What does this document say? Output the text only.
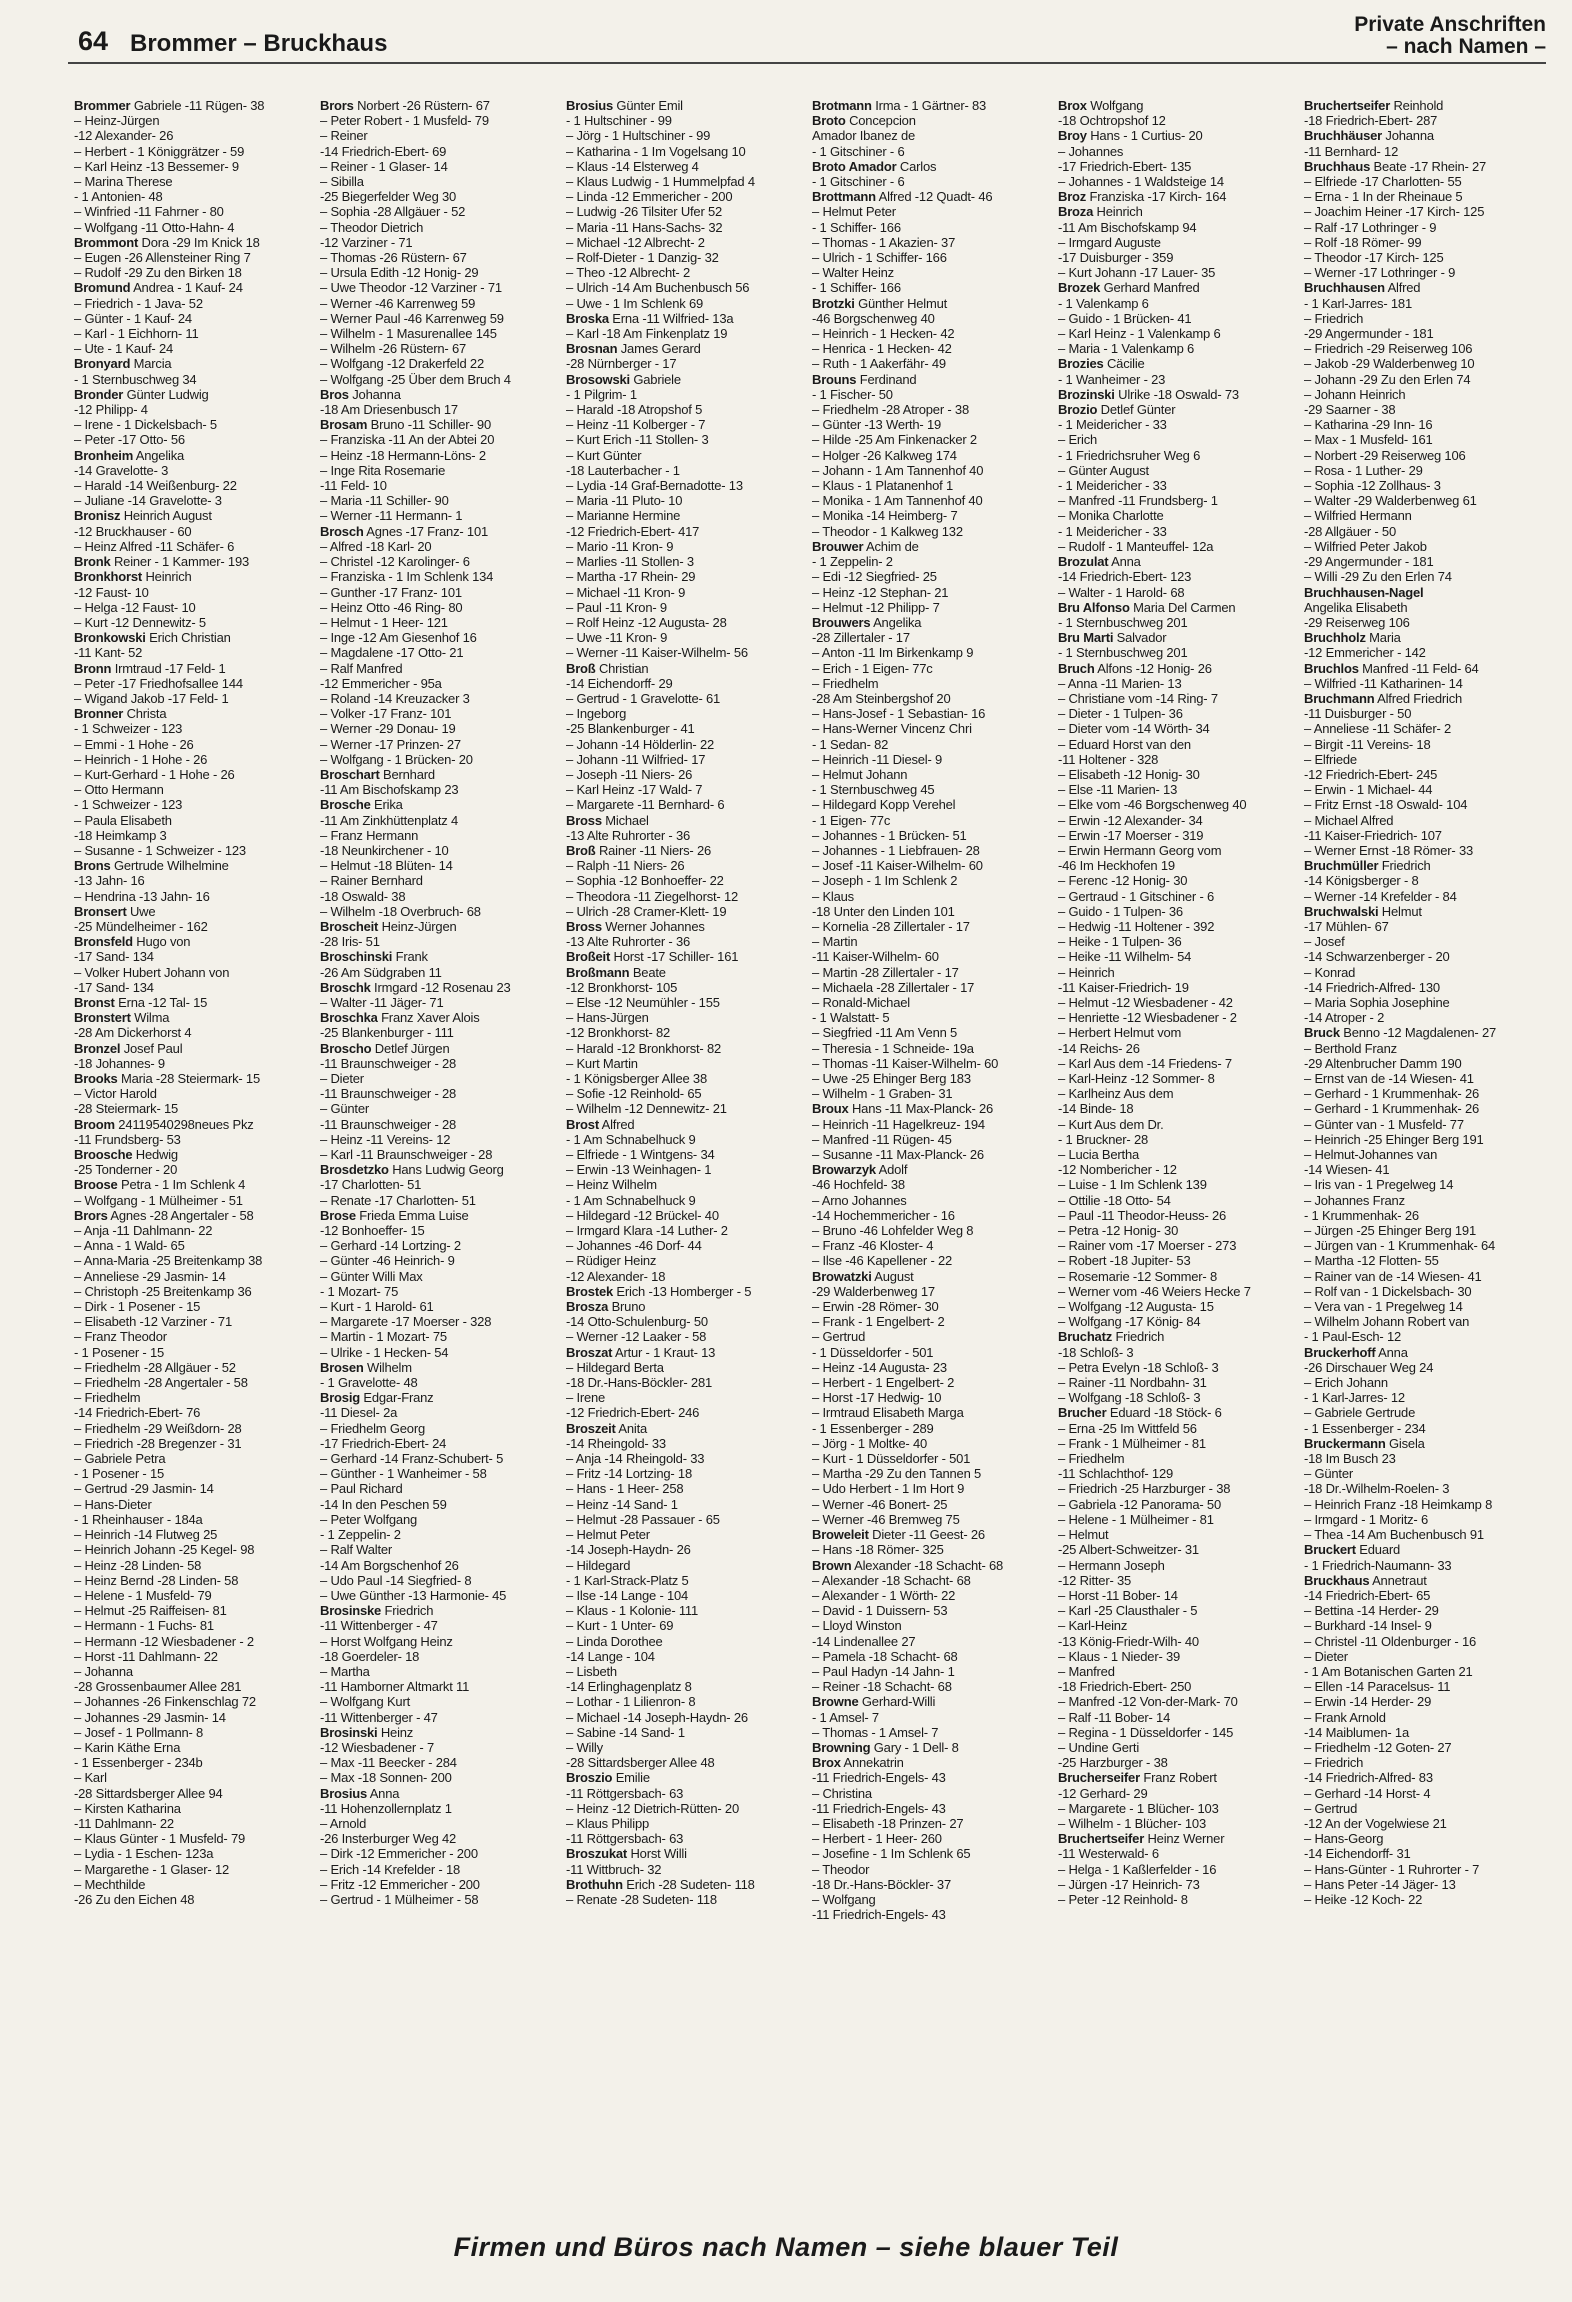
64 Brommer – Bruckhaus
Private Anschriften
– nach Namen –
Brommer Gabriele -11 Rügen- 38
– Heinz-Jürgen
-12 Alexander- 26
– Herbert - 1 Königgrätzer - 59
– Karl Heinz -13 Bessemer- 9
– Marina Therese
- 1 Antonien- 48
– Winfried -11 Fahrner - 80
– Wolfgang -11 Otto-Hahn- 4
Brommont Dora -29 Im Knick 18
– Eugen -26 Allensteiner Ring 7
– Rudolf -29 Zu den Birken 18
Bromund Andrea - 1 Kauf- 24
– Friedrich - 1 Java- 52
– Günter - 1 Kauf- 24
– Karl - 1 Eichhorn- 11
– Ute - 1 Kauf- 24
Bronyard Marcia
- 1 Sternbuschweg 34
Bronder Günter Ludwig
-12 Philipp- 4
– Irene - 1 Dickelsbach- 5
– Peter -17 Otto- 56
Bronheim Angelika
-14 Gravelotte- 3
– Harald -14 Weißenburg- 22
– Juliane -14 Gravelotte- 3
Bronisz Heinrich August
-12 Bruckhauser - 60
– Heinz Alfred -11 Schäfer- 6
Bronk Reiner - 1 Kammer- 193
Bronkhorst Heinrich
-12 Faust- 10
– Helga -12 Faust- 10
– Kurt -12 Dennewitz- 5
Bronkowski Erich Christian
-11 Kant- 52
Bronn Irmtraud -17 Feld- 1
– Peter -17 Friedhofsallee 144
– Wigand Jakob -17 Feld- 1
Bronner Christa
- 1 Schweizer - 123
– Emmi - 1 Hohe - 26
– Heinrich - 1 Hohe - 26
– Kurt-Gerhard - 1 Hohe - 26
– Otto Hermann
- 1 Schweizer - 123
– Paula Elisabeth
-18 Heimkamp 3
– Susanne - 1 Schweizer - 123
Brons Gertrude Wilhelmine
-13 Jahn- 16
– Hendrina -13 Jahn- 16
Bronsert Uwe
-25 Mündelheimer - 162
Bronsfeld Hugo von
-17 Sand- 134
– Volker Hubert Johann von
-17 Sand- 134
Bronst Erna -12 Tal- 15
Bronstert Wilma
-28 Am Dickerhorst 4
Bronzel Josef Paul
-18 Johannes- 9
Brooks Maria -28 Steiermark- 15
– Victor Harold
-28 Steiermark- 15
Broom 24119540298neues Pkz
-11 Frundsberg- 53
Broosche Hedwig
-25 Tonderner - 20
Broose Petra - 1 Im Schlenk 4
– Wolfgang - 1 Mülheimer - 51
Brors Agnes -28 Angertaler - 58
– Anja -11 Dahlmann- 22
– Anna - 1 Wald- 65
– Anna-Maria -25 Breitenkamp 38
– Anneliese -29 Jasmin- 14
– Christoph -25 Breitenkamp 36
– Dirk - 1 Posener - 15
– Elisabeth -12 Varziner - 71
– Franz Theodor
- 1 Posener - 15
– Friedhelm -28 Allgäuer - 52
– Friedhelm -28 Angertaler - 58
– Friedhelm
-14 Friedrich-Ebert- 76
– Friedhelm -29 Weißdorn- 28
– Friedrich -28 Bregenzer - 31
– Gabriele Petra
- 1 Posener - 15
– Gertrud -29 Jasmin- 14
– Hans-Dieter
- 1 Rheinhauser - 184a
– Heinrich -14 Flutweg 25
– Heinrich Johann -25 Kegel- 98
– Heinz -28 Linden- 58
– Heinz Bernd -28 Linden- 58
– Helene - 1 Musfeld- 79
– Helmut -25 Raiffeisen- 81
– Hermann - 1 Fuchs- 81
– Hermann -12 Wiesbadener - 2
– Horst -11 Dahlmann- 22
– Johanna
-28 Grossenbaumer Allee 281
– Johannes -26 Finkenschlag 72
– Johannes -29 Jasmin- 14
– Josef - 1 Pollmann- 8
– Karin Käthe Erna
- 1 Essenberger - 234b
– Karl
-28 Sittardsberger Allee 94
– Kirsten Katharina
-11 Dahlmann- 22
– Klaus Günter - 1 Musfeld- 79
– Lydia - 1 Eschen- 123a
– Margarethe - 1 Glaser- 12
– Mechthilde
-26 Zu den Eichen 48
Brors Norbert -26 Rüstern- 67
– Peter Robert - 1 Musfeld- 79
– Reiner
-14 Friedrich-Ebert- 69
– Reiner - 1 Glaser- 14
– Sibilla
-25 Biegerfelder Weg 30
– Sophia -28 Allgäuer - 52
– Theodor Dietrich
-12 Varziner - 71
– Thomas -26 Rüstern- 67
– Ursula Edith -12 Honig- 29
– Uwe Theodor -12 Varziner - 71
– Werner -46 Karrenweg 59
– Werner Paul -46 Karrenweg 59
– Wilhelm - 1 Masurenallee 145
– Wilhelm -26 Rüstern- 67
– Wolfgang -12 Drakerfeld 22
– Wolfgang -25 Über dem Bruch 4
Bros Johanna
-18 Am Driesenbusch 17
Brosam Bruno -11 Schiller- 90
– Franziska -11 An der Abtei 20
– Heinz -18 Hermann-Löns- 2
– Inge Rita Rosemarie
-11 Feld- 10
– Maria -11 Schiller- 90
– Werner -11 Hermann- 1
Brosch Agnes -17 Franz- 101
– Alfred -18 Karl- 20
– Christel -12 Karolinger- 6
– Franziska - 1 Im Schlenk 134
– Gunther -17 Franz- 101
– Heinz Otto -46 Ring- 80
– Helmut - 1 Heer- 121
– Inge -12 Am Giesenhof 16
– Magdalene -17 Otto- 21
– Ralf Manfred
-12 Emmericher - 95a
– Roland -14 Kreuzacker 3
– Volker -17 Franz- 101
– Werner -29 Donau- 19
– Werner -17 Prinzen- 27
– Wolfgang - 1 Brücken- 20
Broschart Bernhard
-11 Am Bischofskamp 23
Brosche Erika
-11 Am Zinkhüttenplatz 4
– Franz Hermann
-18 Neunkirchener - 10
– Helmut -18 Blüten- 14
– Rainer Bernhard
-18 Oswald- 38
– Wilhelm -18 Overbruch- 68
Broscheit Heinz-Jürgen
-28 Iris- 51
Broschinski Frank
-26 Am Südgraben 11
Broschk Irmgard -12 Rosenau 23
– Walter -11 Jäger- 71
Broschka Franz Xaver Alois
-25 Blankenburger - 111
Broscho Detlef Jürgen
-11 Braunschweiger - 28
– Dieter
-11 Braunschweiger - 28
– Günter
-11 Braunschweiger - 28
– Heinz -11 Vereins- 12
– Karl -11 Braunschweiger - 28
Brosdetzko Hans Ludwig Georg
-17 Charlotten- 51
– Renate -17 Charlotten- 51
Brose Frieda Emma Luise
-12 Bonhoeffer- 15
– Gerhard -14 Lortzing- 2
– Günter -46 Heinrich- 9
– Günter Willi Max
- 1 Mozart- 75
– Kurt - 1 Harold- 61
– Margarete -17 Moerser - 328
– Martin - 1 Mozart- 75
– Ulrike - 1 Hecken- 54
Brosen Wilhelm
- 1 Gravelotte- 48
Brosig Edgar-Franz
-11 Diesel- 2a
– Friedhelm Georg
-17 Friedrich-Ebert- 24
– Gerhard -14 Franz-Schubert- 5
– Günther - 1 Wanheimer - 58
– Paul Richard
-14 In den Peschen 59
– Peter Wolfgang
- 1 Zeppelin- 2
– Ralf Walter
-14 Am Borgschenhof 26
– Udo Paul -14 Siegfried- 8
– Uwe Günther -13 Harmonie- 45
Brosinske Friedrich
-11 Wittenberger - 47
– Horst Wolfgang Heinz
-18 Goerdeler- 18
– Martha
-11 Hamborner Altmarkt 11
– Wolfgang Kurt
-11 Wittenberger - 47
Brosinski Heinz
-12 Wiesbadener - 7
– Max -11 Beecker - 284
– Max -18 Sonnen- 200
Brosius Anna
-11 Hohenzollernplatz 1
– Arnold
-26 Insterburger Weg 42
– Dirk -12 Emmericher - 200
– Erich -14 Krefelder - 18
– Fritz -12 Emmericher - 200
– Gertrud - 1 Mülheimer - 58
Brosius Günter Emil
- 1 Hultschiner - 99
– Jörg - 1 Hultschiner - 99
– Katharina - 1 Im Vogelsang 10
– Klaus -14 Elsterweg 4
– Klaus Ludwig - 1 Hummelpfad 4
– Linda -12 Emmericher - 200
– Ludwig -26 Tilsiter Ufer 52
– Maria -11 Hans-Sachs- 32
– Michael -12 Albrecht- 2
– Rolf-Dieter - 1 Danzig- 32
– Theo -12 Albrecht- 2
– Ulrich -14 Am Buchenbusch 56
– Uwe - 1 Im Schlenk 69
Broska Erna -11 Wilfried- 13a
– Karl -18 Am Finkenplatz 19
Brosnan James Gerard
-28 Nürnberger - 17
Brosowski Gabriele
- 1 Pilgrim- 1
– Harald -18 Atropshof 5
– Heinz -11 Kolberger - 7
– Kurt Erich -11 Stollen- 3
– Kurt Günter
-18 Lauterbacher - 1
– Lydia -14 Graf-Bernadotte- 13
– Maria -11 Pluto- 10
– Marianne Hermine
-12 Friedrich-Ebert- 417
– Mario -11 Kron- 9
– Marlies -11 Stollen- 3
– Martha -17 Rhein- 29
– Michael -11 Kron- 9
– Paul -11 Kron- 9
– Rolf Heinz -12 Augusta- 28
– Uwe -11 Kron- 9
– Werner -11 Kaiser-Wilhelm- 56
Broß Christian
-14 Eichendorff- 29
– Gertrud - 1 Gravelotte- 61
– Ingeborg
-25 Blankenburger - 41
– Johann -14 Hölderlin- 22
– Johann -11 Wilfried- 17
– Joseph -11 Niers- 26
– Karl Heinz -17 Wald- 7
– Margarete -11 Bernhard- 6
Bross Michael
-13 Alte Ruhrorter - 36
Broß Rainer -11 Niers- 26
– Ralph -11 Niers- 26
– Sophia -12 Bonhoeffer- 22
– Theodora -11 Ziegelhorst- 12
– Ulrich -28 Cramer-Klett- 19
Bross Werner Johannes
-13 Alte Ruhrorter - 36
Broßeit Horst -17 Schiller- 161
Broßmann Beate
-12 Bronkhorst- 105
– Else -12 Neumühler - 155
– Hans-Jürgen
-12 Bronkhorst- 82
– Harald -12 Bronkhorst- 82
– Kurt Martin
- 1 Königsberger Allee 38
– Sofie -12 Reinhold- 65
– Wilhelm -12 Dennewitz- 21
Brost Alfred
- 1 Am Schnabelhuck 9
– Elfriede - 1 Wintgens- 34
– Erwin -13 Weinhagen- 1
– Heinz Wilhelm
- 1 Am Schnabelhuck 9
– Hildegard -12 Brückel- 40
– Irmgard Klara -14 Luther- 2
– Johannes -46 Dorf- 44
– Rüdiger Heinz
-12 Alexander- 18
Brostek Erich -13 Homberger - 5
Brosza Bruno
-14 Otto-Schulenburg- 50
– Werner -12 Laaker - 58
Broszat Artur - 1 Kraut- 13
– Hildegard Berta
-18 Dr.-Hans-Böckler- 281
– Irene
-12 Friedrich-Ebert- 246
Broszeit Anita
-14 Rheingold- 33
– Anja -14 Rheingold- 33
– Fritz -14 Lortzing- 18
– Hans - 1 Heer- 258
– Heinz -14 Sand- 1
– Helmut -28 Passauer - 65
– Helmut Peter
-14 Joseph-Haydn- 26
– Hildegard
- 1 Karl-Strack-Platz 5
– Ilse -14 Lange - 104
– Klaus - 1 Kolonie- 111
– Kurt - 1 Unter- 69
– Linda Dorothee
-14 Lange - 104
– Lisbeth
-14 Erlinghagenplatz 8
– Lothar - 1 Lilienron- 8
– Michael -14 Joseph-Haydn- 26
– Sabine -14 Sand- 1
– Willy
-28 Sittardsberger Allee 48
Broszio Emilie
-11 Röttgersbach- 63
– Heinz -12 Dietrich-Rütten- 20
– Klaus Philipp
-11 Röttgersbach- 63
Broszukat Horst Willi
-11 Wittbruch- 32
Brothuhn Erich -28 Sudeten- 118
– Renate -28 Sudeten- 118
Brotmann Irma - 1 Gärtner- 83
Broto Concepcion
Amador Ibanez de
- 1 Gitschiner - 6
Broto Amador Carlos
- 1 Gitschiner - 6
Brottmann Alfred -12 Quadt- 46
– Helmut Peter
- 1 Schiffer- 166
– Thomas - 1 Akazien- 37
– Ulrich - 1 Schiffer- 166
– Walter Heinz
- 1 Schiffer- 166
Brotzki Günther Helmut
-46 Borgschenweg 40
– Heinrich - 1 Hecken- 42
– Henrica - 1 Hecken- 42
– Ruth - 1 Aakerfähr- 49
Brouns Ferdinand
- 1 Fischer- 50
– Friedhelm -28 Atroper - 38
– Günter -13 Werth- 19
– Hilde -25 Am Finkenacker 2
– Holger -26 Kalkweg 174
– Johann - 1 Am Tannenhof 40
– Klaus - 1 Platanenhof 1
– Monika - 1 Am Tannenhof 40
– Monika -14 Heimberg- 7
– Theodor - 1 Kalkweg 132
Brouwer Achim de
- 1 Zeppelin- 2
– Edi -12 Siegfried- 25
– Heinz -12 Stephan- 21
– Helmut -12 Philipp- 7
Brouwers Angelika
-28 Zillertaler - 17
– Anton -11 Im Birkenkamp 9
– Erich - 1 Eigen- 77c
– Friedhelm
-28 Am Steinbergshof 20
– Hans-Josef - 1 Sebastian- 16
– Hans-Werner Vincenz Chri
- 1 Sedan- 82
– Heinrich -11 Diesel- 9
– Helmut Johann
- 1 Sternbuschweg 45
– Hildegard Kopp Verehel
- 1 Eigen- 77c
– Johannes - 1 Brücken- 51
– Johannes - 1 Liebfrauen- 28
– Josef -11 Kaiser-Wilhelm- 60
– Joseph - 1 Im Schlenk 2
– Klaus
-18 Unter den Linden 101
– Kornelia -28 Zillertaler - 17
– Martin
-11 Kaiser-Wilhelm- 60
– Martin -28 Zillertaler - 17
– Michaela -28 Zillertaler - 17
– Ronald-Michael
- 1 Walstatt- 5
– Siegfried -11 Am Venn 5
– Theresia - 1 Schneide- 19a
– Thomas -11 Kaiser-Wilhelm- 60
– Uwe -25 Ehinger Berg 183
– Wilhelm - 1 Graben- 31
Broux Hans -11 Max-Planck- 26
– Heinrich -11 Hagelkreuz- 194
– Manfred -11 Rügen- 45
– Susanne -11 Max-Planck- 26
Browarzyk Adolf
-46 Hochfeld- 38
– Arno Johannes
-14 Hochemmericher - 16
– Bruno -46 Lohfelder Weg 8
– Franz -46 Kloster- 4
– Ilse -46 Kapellener - 22
Browatzki August
-29 Walderbenweg 17
– Erwin -28 Römer- 30
– Frank - 1 Engelbert- 2
– Gertrud
- 1 Düsseldorfer - 501
– Heinz -14 Augusta- 23
– Herbert - 1 Engelbert- 2
– Horst -17 Hedwig- 10
– Irmtraud Elisabeth Marga
- 1 Essenberger - 289
– Jörg - 1 Moltke- 40
– Kurt - 1 Düsseldorfer - 501
– Martha -29 Zu den Tannen 5
– Udo Herbert - 1 Im Hort 9
– Werner -46 Bonert- 25
– Werner -46 Bremweg 75
Broweleit Dieter -11 Geest- 26
– Hans -18 Römer- 325
Brown Alexander -18 Schacht- 68
– Alexander -18 Schacht- 68
– Alexander - 1 Wörth- 22
– David - 1 Duissern- 53
– Lloyd Winston
-14 Lindenallee 27
– Pamela -18 Schacht- 68
– Paul Hadyn -14 Jahn- 1
– Reiner -18 Schacht- 68
Browne Gerhard-Willi
- 1 Amsel- 7
– Thomas - 1 Amsel- 7
Browning Gary - 1 Dell- 8
Brox Annekatrin
-11 Friedrich-Engels- 43
– Christina
-11 Friedrich-Engels- 43
– Elisabeth -18 Prinzen- 27
– Herbert - 1 Heer- 260
– Josefine - 1 Im Schlenk 65
– Theodor
-18 Dr.-Hans-Böckler- 37
– Wolfgang
-11 Friedrich-Engels- 43
Brox Wolfgang
-18 Ochtropshof 12
Broy Hans - 1 Curtius- 20
– Johannes
-17 Friedrich-Ebert- 135
– Johannes - 1 Waldsteige 14
Broz Franziska -17 Kirch- 164
Broza Heinrich
-11 Am Bischofskamp 94
– Irmgard Auguste
-17 Duisburger - 359
– Kurt Johann -17 Lauer- 35
Brozek Gerhard Manfred
- 1 Valenkamp 6
– Guido - 1 Brücken- 41
– Karl Heinz - 1 Valenkamp 6
– Maria - 1 Valenkamp 6
Brozies Cäcilie
- 1 Wanheimer - 23
Brozinski Ulrike -18 Oswald- 73
Brozio Detlef Günter
- 1 Meidericher - 33
– Erich
- 1 Friedrichsruher Weg 6
– Günter August
- 1 Meidericher - 33
– Manfred -11 Frundsberg- 1
– Monika Charlotte
- 1 Meidericher - 33
– Rudolf - 1 Manteuffel- 12a
Brozulat Anna
-14 Friedrich-Ebert- 123
– Walter - 1 Harold- 68
Bru Alfonso Maria Del Carmen
- 1 Sternbuschweg 201
Bru Marti Salvador
- 1 Sternbuschweg 201
Bruch Alfons -12 Honig- 26
– Anna -11 Marien- 13
– Christiane vom -14 Ring- 7
– Dieter - 1 Tulpen- 36
– Dieter vom -14 Wörth- 34
– Eduard Horst van den
-11 Holtener - 328
– Elisabeth -12 Honig- 30
– Else -11 Marien- 13
– Elke vom -46 Borgschenweg 40
– Erwin -12 Alexander- 34
– Erwin -17 Moerser - 319
– Erwin Hermann Georg vom
-46 Im Heckhofen 19
– Ferenc -12 Honig- 30
– Gertraud - 1 Gitschiner - 6
– Guido - 1 Tulpen- 36
– Hedwig -11 Holtener - 392
– Heike - 1 Tulpen- 36
– Heike -11 Wilhelm- 54
– Heinrich
-11 Kaiser-Friedrich- 19
– Helmut -12 Wiesbadener - 42
– Henriette -12 Wiesbadener - 2
– Herbert Helmut vom
-14 Reichs- 26
– Karl Aus dem -14 Friedens- 7
– Karl-Heinz -12 Sommer- 8
– Karlheinz Aus dem
-14 Binde- 18
– Kurt Aus dem Dr.
- 1 Bruckner- 28
– Lucia Bertha
-12 Nombericher - 12
– Luise - 1 Im Schlenk 139
– Ottilie -18 Otto- 54
– Paul -11 Theodor-Heuss- 26
– Petra -12 Honig- 30
– Rainer vom -17 Moerser - 273
– Robert -18 Jupiter- 53
– Rosemarie -12 Sommer- 8
– Werner vom -46 Weiers Hecke 7
– Wolfgang -12 Augusta- 15
– Wolfgang -17 König- 84
Bruchatz Friedrich
-18 Schloß- 3
– Petra Evelyn -18 Schloß- 3
– Rainer -11 Nordbahn- 31
– Wolfgang -18 Schloß- 3
Brucher Eduard -18 Stöck- 6
– Erna -25 Im Wittfeld 56
– Frank - 1 Mülheimer - 81
– Friedhelm
-11 Schlachthof- 129
– Friedrich -25 Harzburger - 38
– Gabriela -12 Panorama- 50
– Helene - 1 Mülheimer - 81
– Helmut
-25 Albert-Schweitzer- 31
– Hermann Joseph
-12 Ritter- 35
– Horst -11 Bober- 14
– Karl -25 Clausthaler - 5
– Karl-Heinz
-13 König-Friedr-Wilh- 40
– Klaus - 1 Nieder- 39
– Manfred
-18 Friedrich-Ebert- 250
– Manfred -12 Von-der-Mark- 70
– Ralf -11 Bober- 14
– Regina - 1 Düsseldorfer - 145
– Undine Gerti
-25 Harzburger - 38
Brucherseifer Franz Robert
-12 Gerhard- 29
– Margarete - 1 Blücher- 103
– Wilhelm - 1 Blücher- 103
Bruchertseifer Heinz Werner
-11 Westerwald- 6
– Helga - 1 Kaßlerfelder - 16
– Jürgen -17 Heinrich- 73
– Peter -12 Reinhold- 8
Bruchertseifer Reinhold
-18 Friedrich-Ebert- 287
Bruchhäuser Johanna
-11 Bernhard- 12
Bruchhaus Beate -17 Rhein- 27
– Elfriede -17 Charlotten- 55
– Erna - 1 In der Rheinaue 5
– Joachim Heiner -17 Kirch- 125
– Ralf -17 Lothringer - 9
– Rolf -18 Römer- 99
– Theodor -17 Kirch- 125
– Werner -17 Lothringer - 9
Bruchhausen Alfred
- 1 Karl-Jarres- 181
– Friedrich
-29 Angermunder - 181
– Friedrich -29 Reiserweg 106
– Jakob -29 Walderbenweg 10
– Johann -29 Zu den Erlen 74
– Johann Heinrich
-29 Saarner - 38
– Katharina -29 Inn- 16
– Max - 1 Musfeld- 161
– Norbert -29 Reiserweg 106
– Rosa - 1 Luther- 29
– Sophia -12 Zollhaus- 3
– Walter -29 Walderbenweg 61
– Wilfried Hermann
-28 Allgäuer - 50
– Wilfried Peter Jakob
-29 Angermunder - 181
– Willi -29 Zu den Erlen 74
Bruchhausen-Nagel
Angelika Elisabeth
-29 Reiserweg 106
Bruchholz Maria
-12 Emmericher - 142
Bruchlos Manfred -11 Feld- 64
– Wilfried -11 Katharinen- 14
Bruchmann Alfred Friedrich
-11 Duisburger - 50
– Anneliese -11 Schäfer- 2
– Birgit -11 Vereins- 18
– Elfriede
-12 Friedrich-Ebert- 245
– Erwin - 1 Michael- 44
– Fritz Ernst -18 Oswald- 104
– Michael Alfred
-11 Kaiser-Friedrich- 107
– Werner Ernst -18 Römer- 33
Bruchmüller Friedrich
-14 Königsberger - 8
– Werner -14 Krefelder - 84
Bruchwalski Helmut
-17 Mühlen- 67
– Josef
-14 Schwarzenberger - 20
– Konrad
-14 Friedrich-Alfred- 130
– Maria Sophia Josephine
-14 Atroper - 2
Bruck Benno -12 Magdalenen- 27
– Berthold Franz
-29 Altenbrucher Damm 190
– Ernst van de -14 Wiesen- 41
– Gerhard - 1 Krummenhak- 26
– Gerhard - 1 Krummenhak- 26
– Günter van - 1 Musfeld- 77
– Heinrich -25 Ehinger Berg 191
– Helmut-Johannes van
-14 Wiesen- 41
– Iris van - 1 Pregelweg 14
– Johannes Franz
- 1 Krummenhak- 26
– Jürgen -25 Ehinger Berg 191
– Jürgen van - 1 Krummenhak- 64
– Martha -12 Flotten- 55
– Rainer van de -14 Wiesen- 41
– Rolf van - 1 Dickelsbach- 30
– Vera van - 1 Pregelweg 14
– Wilhelm Johann Robert van
- 1 Paul-Esch- 12
Bruckerhoff Anna
-26 Dirschauer Weg 24
– Erich Johann
- 1 Karl-Jarres- 12
– Gabriele Gertrude
- 1 Essenberger - 234
Bruckermann Gisela
-18 Im Busch 23
– Günter
-18 Dr.-Wilhelm-Roelen- 3
– Heinrich Franz -18 Heimkamp 8
– Irmgard - 1 Moritz- 6
– Thea -14 Am Buchenbusch 91
Bruckert Eduard
- 1 Friedrich-Naumann- 33
Bruckhaus Annetraut
-14 Friedrich-Ebert- 65
– Bettina -14 Herder- 29
– Burkhard -14 Insel- 9
– Christel -11 Oldenburger - 16
– Dieter
- 1 Am Botanischen Garten 21
– Ellen -14 Paracelsus- 11
– Erwin -14 Herder- 29
– Frank Arnold
-14 Maiblumen- 1a
– Friedhelm -12 Goten- 27
– Friedrich
-14 Friedrich-Alfred- 83
– Gerhard -14 Horst- 4
– Gertrud
-12 An der Vogelwiese 21
– Hans-Georg
-14 Eichendorff- 31
– Hans-Günter - 1 Ruhrorter - 7
– Hans Peter -14 Jäger- 13
– Heike -12 Koch- 22
Firmen und Büros nach Namen – siehe blauer Teil
